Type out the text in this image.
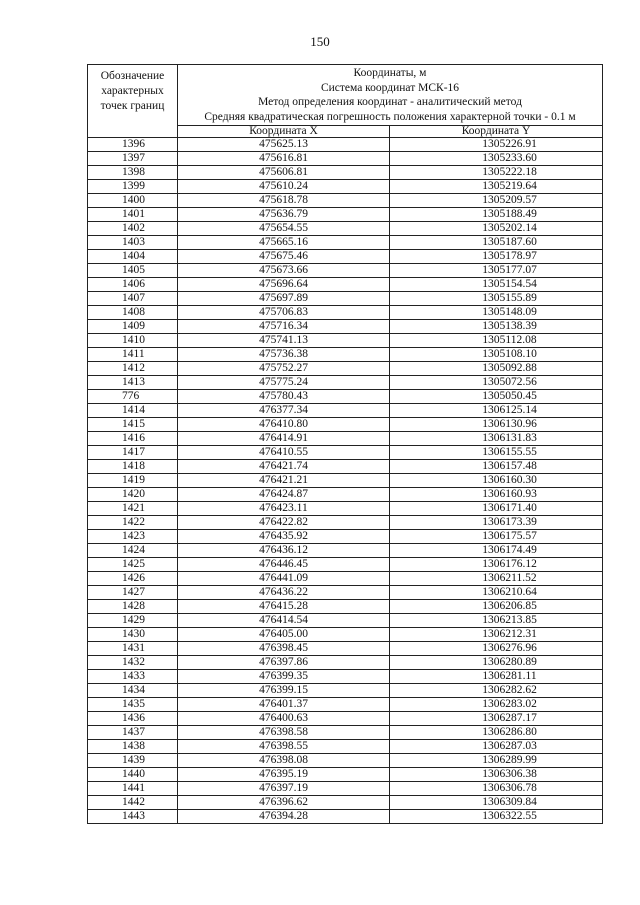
150
Обозначение характерных точек границ	Координаты, м
Система координат МСК-16
Метод определения координат - аналитический метод
Средняя квадратическая погрешность положения характерной точки - 0.1 м	

	Координата X	Координата Y
1396	475625.13	1305226.91
1397	475616.81	1305233.60
1398	475606.81	1305222.18
1399	475610.24	1305219.64
1400	475618.78	1305209.57
1401	475636.79	1305188.49
1402	475654.55	1305202.14
1403	475665.16	1305187.60
1404	475675.46	1305178.97
1405	475673.66	1305177.07
1406	475696.64	1305154.54
1407	475697.89	1305155.89
1408	475706.83	1305148.09
1409	475716.34	1305138.39
1410	475741.13	1305112.08
1411	475736.38	1305108.10
1412	475752.27	1305092.88
1413	475775.24	1305072.56
776	475780.43	1305050.45
1414	476377.34	1306125.14
1415	476410.80	1306130.96
1416	476414.91	1306131.83
1417	476410.55	1306155.55
1418	476421.74	1306157.48
1419	476421.21	1306160.30
1420	476424.87	1306160.93
1421	476423.11	1306171.40
1422	476422.82	1306173.39
1423	476435.92	1306175.57
1424	476436.12	1306174.49
1425	476446.45	1306176.12
1426	476441.09	1306211.52
1427	476436.22	1306210.64
1428	476415.28	1306206.85
1429	476414.54	1306213.85
1430	476405.00	1306212.31
1431	476398.45	1306276.96
1432	476397.86	1306280.89
1433	476399.35	1306281.11
1434	476399.15	1306282.62
1435	476401.37	1306283.02
1436	476400.63	1306287.17
1437	476398.58	1306286.80
1438	476398.55	1306287.03
1439	476398.08	1306289.99
1440	476395.19	1306306.38
1441	476397.19	1306306.78
1442	476396.62	1306309.84
1443	476394.28	1306322.55
